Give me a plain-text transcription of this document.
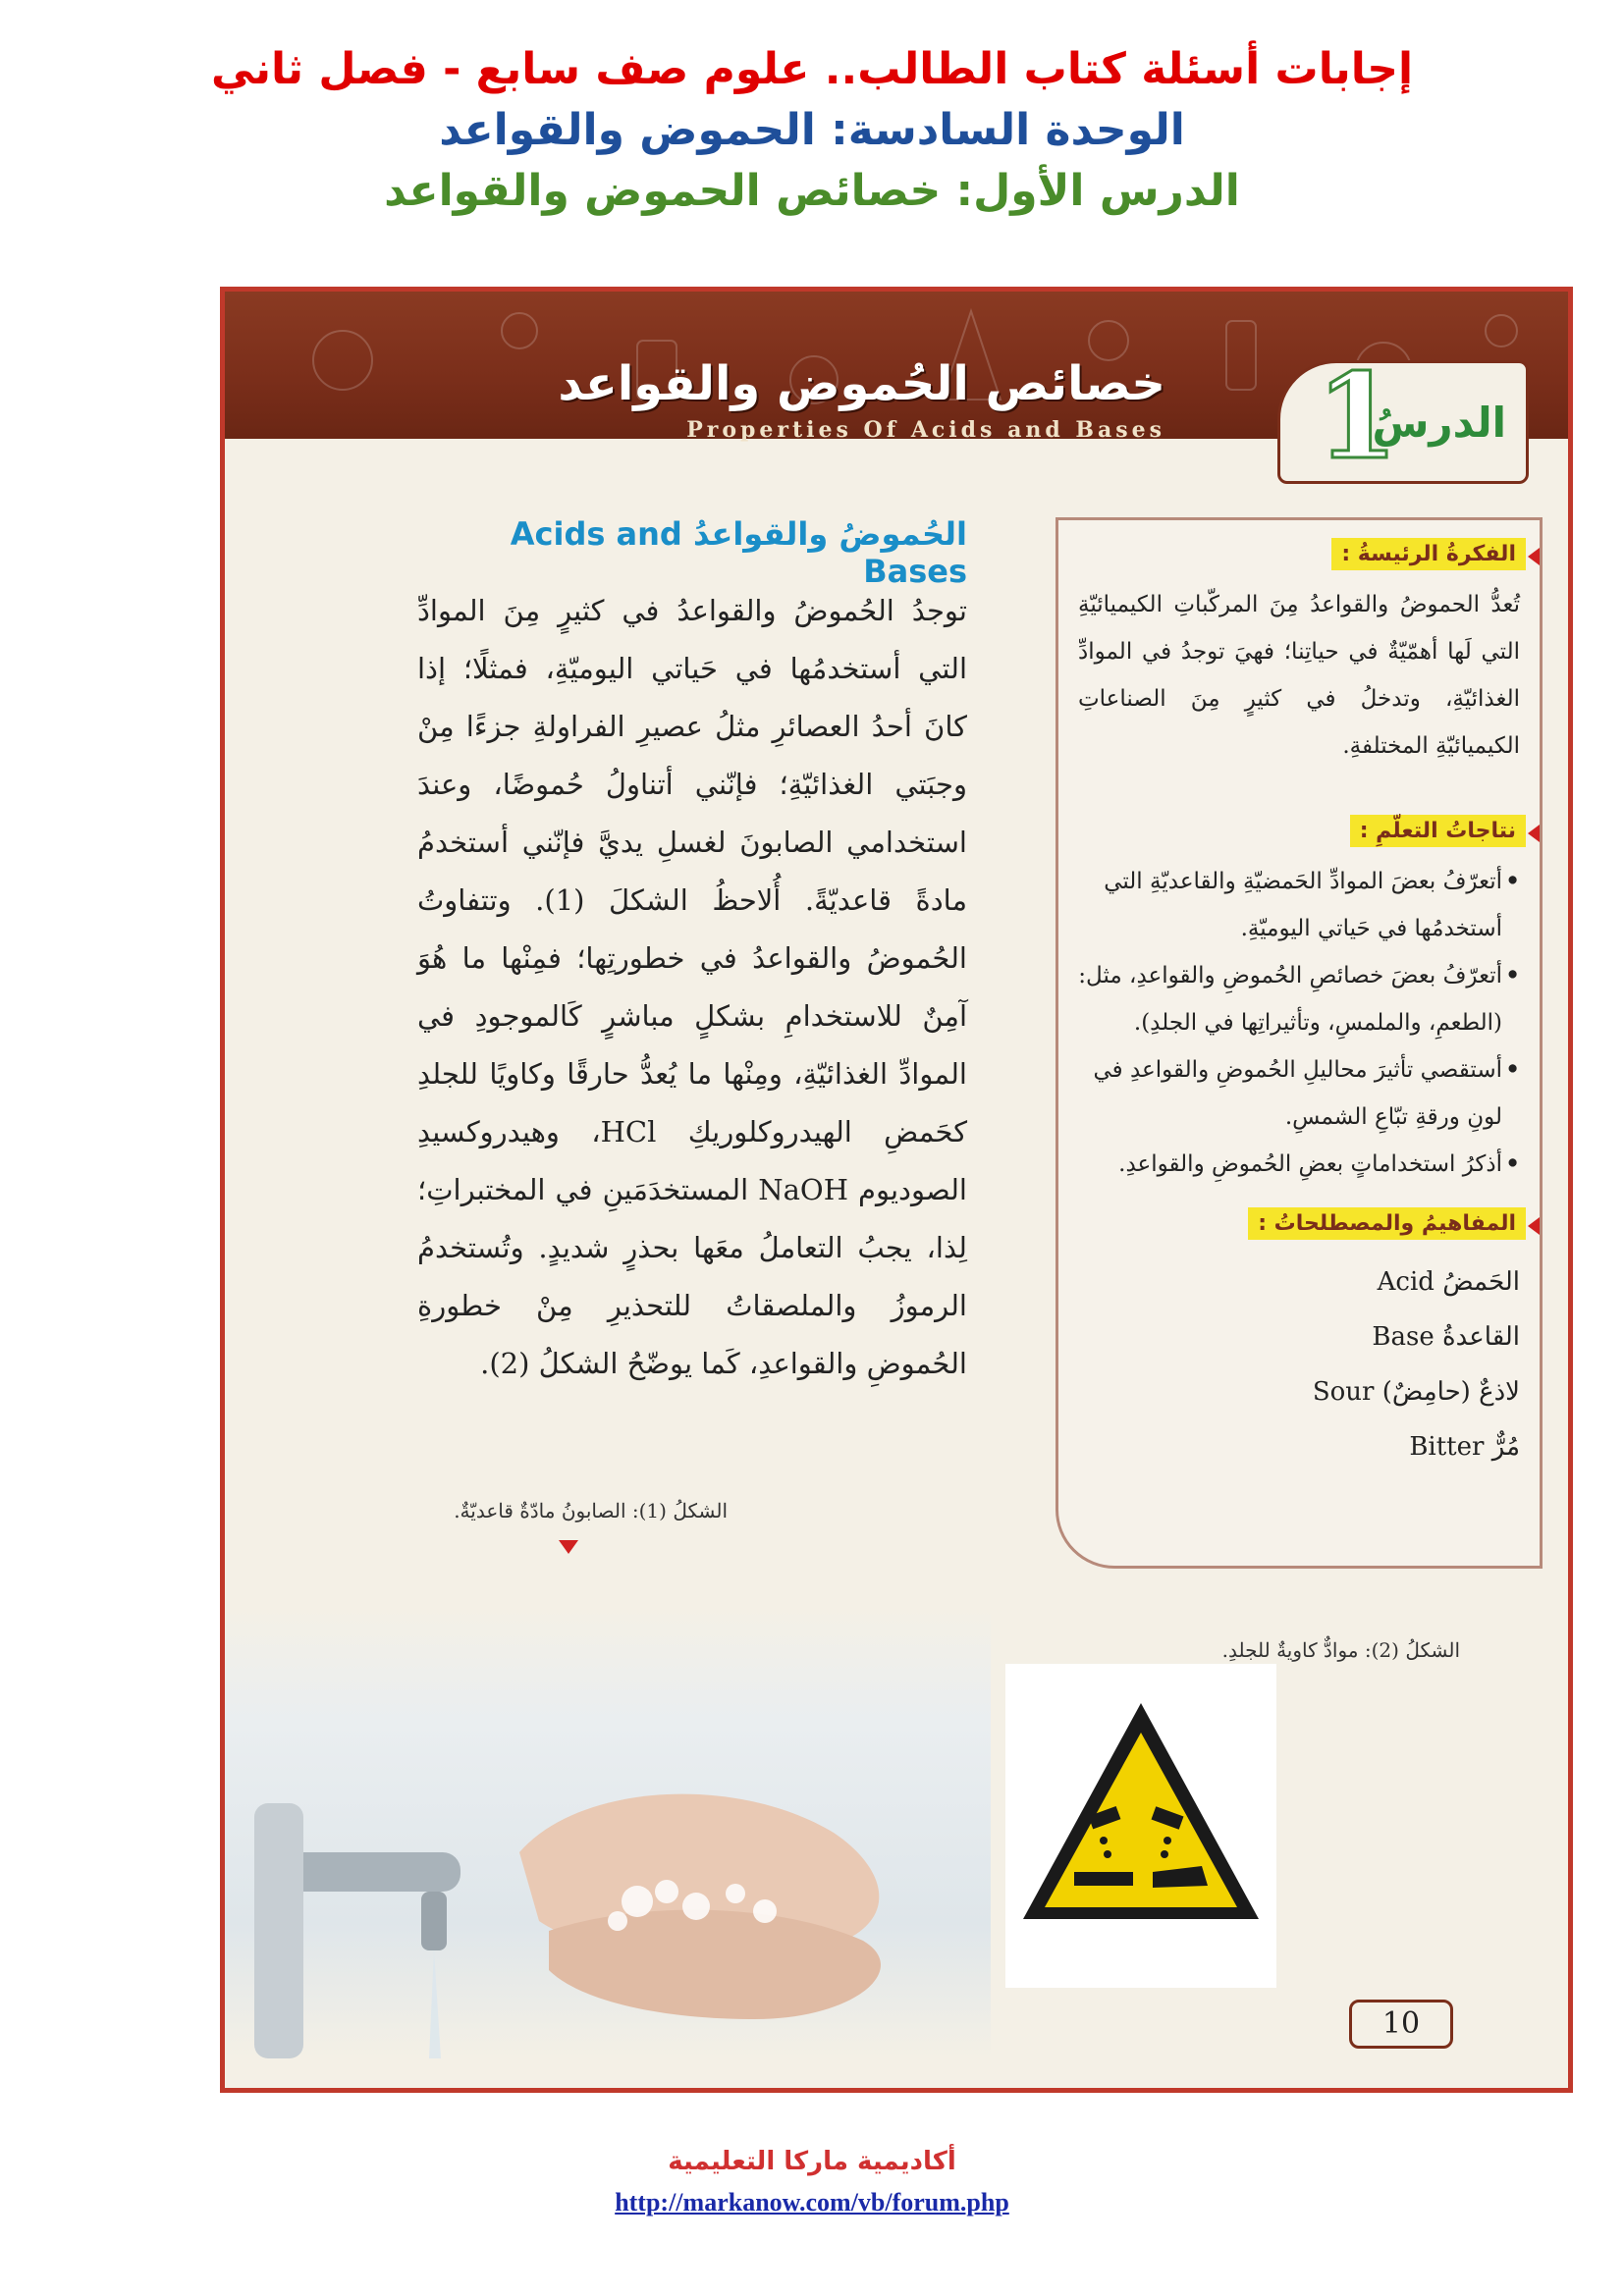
إجابات أسئلة كتاب الطالب.. علوم صف سابع - فصل ثاني
الوحدة السادسة: الحموض والقواعد
الدرس الأول: خصائص الحموض والقواعد
خصائص الحُموض والقواعد
Properties Of Acids and Bases 1
الدرسُ
الفكرةُ الرئيسةُ :
تُعدُّ الحموضُ والقواعدُ مِنَ المركّباتِ الكيميائيّةِ التي لَها أهمّيّةٌ في حياتِنا؛ فهيَ توجدُ في الموادِّ الغذائيّةِ، وتدخلُ في كثيرٍ مِنَ الصناعاتِ الكيميائيّةِ المختلفةِ.
نتاجاتُ التعلّمِ :
• أتعرّفُ بعضَ الموادِّ الحَمضيّةِ والقاعديّةِ التي أستخدمُها في حَياتي اليوميّةِ.
• أتعرّفُ بعضَ خصائصِ الحُموضِ والقواعدِ، مثل: (الطعمِ، والملمسِ، وتأثيراتِها في الجلدِ).
• أستقصي تأثيرَ محاليلِ الحُموضِ والقواعدِ في لونِ ورقةِ تبّاعِ الشمسِ.
• أذكرُ استخداماتٍ بعضِ الحُموضِ والقواعدِ.
المفاهيمُ والمصطلحاتُ :
الحَمضُ Acid
القاعدةُ Base
لاذعٌ (حامِضٌ) Sour
مُرٌّ Bitter
الحُموضُ والقواعدُ Acids and Bases
توجدُ الحُموضُ والقواعدُ في كثيرٍ مِنَ الموادِّ التي أستخدمُها في حَياتي اليوميّةِ، فمثلًا؛ إذا كانَ أحدُ العصائرِ مثلُ عصيرِ الفراولةِ جزءًا مِنْ وجبَتي الغذائيّةِ؛ فإنّني أتناولُ حُموضًا، وعندَ استخدامي الصابونَ لغسلِ يديَّ فإنّني أستخدمُ مادةً قاعديّةً. أُلاحظُ الشكلَ (1). وتتفاوتُ الحُموضُ والقواعدُ في خطورتِها؛ فمِنْها ما هُوَ آمِنٌ للاستخدامِ بشكلٍ مباشرٍ كَالموجودِ في الموادِّ الغذائيّةِ، ومِنْها ما يُعدُّ حارقًا وكاويًا للجلدِ كحَمضِ الهيدروكلوريكِ HCl، وهيدروكسيدِ الصوديوم NaOH المستخدَمَينِ في المختبراتِ؛ لِذا، يجبُ التعاملُ معَها بحذرٍ شديدٍ. وتُستخدمُ الرموزُ والملصقاتُ للتحذيرِ مِنْ خطورةِ الحُموضِ والقواعدِ، كَما يوضّحُ الشكلُ (2).
الشكلُ (1): الصابونُ مادّةٌ قاعديّةٌ.
الشكلُ (2): موادٌّ كاويةٌ للجلدِ.
10
أكاديمية ماركا التعليمية
http://markanow.com/vb/forum.php
